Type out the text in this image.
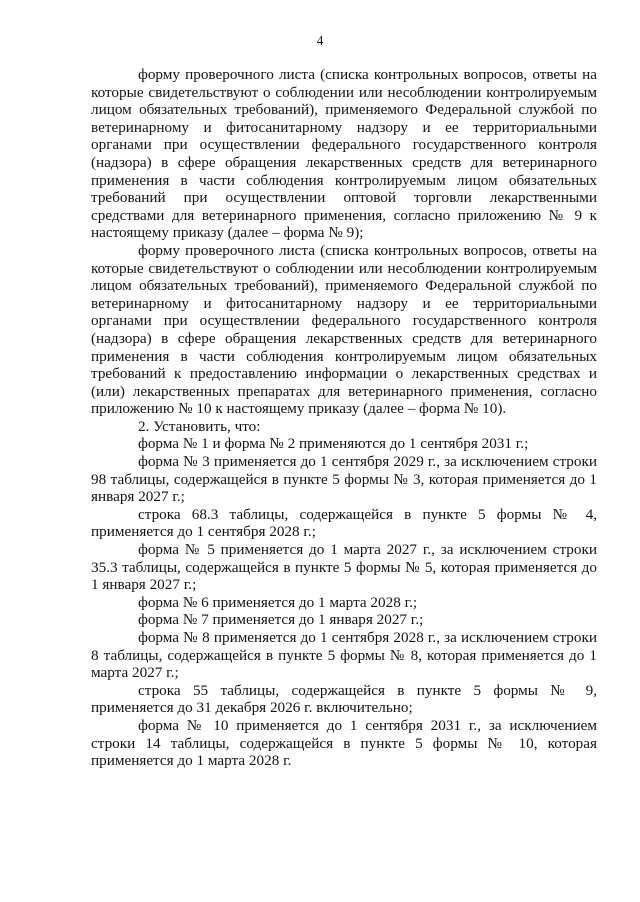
4

форму проверочного листа (списка контрольных вопросов, ответы на которые свидетельствуют о соблюдении или несоблюдении контролируемым лицом обязательных требований), применяемого Федеральной службой по ветеринарному и фитосанитарному надзору и ее территориальными органами при осуществлении федерального государственного контроля (надзора) в сфере обращения лекарственных средств для ветеринарного применения в части соблюдения контролируемым лицом обязательных требований при осуществлении оптовой торговли лекарственными средствами для ветеринарного применения, согласно приложению № 9 к настоящему приказу (далее – форма № 9);

форму проверочного листа (списка контрольных вопросов, ответы на которые свидетельствуют о соблюдении или несоблюдении контролируемым лицом обязательных требований), применяемого Федеральной службой по ветеринарному и фитосанитарному надзору и ее территориальными органами при осуществлении федерального государственного контроля (надзора) в сфере обращения лекарственных средств для ветеринарного применения в части соблюдения контролируемым лицом обязательных требований к предоставлению информации о лекарственных средствах и (или) лекарственных препаратах для ветеринарного применения, согласно приложению № 10 к настоящему приказу (далее – форма № 10).

2. Установить, что:

форма № 1 и форма № 2 применяются до 1 сентября 2031 г.;

форма № 3 применяется до 1 сентября 2029 г., за исключением строки 98 таблицы, содержащейся в пункте 5 формы № 3, которая применяется до 1 января 2027 г.;

строка 68.3 таблицы, содержащейся в пункте 5 формы № 4, применяется до 1 сентября 2028 г.;

форма № 5 применяется до 1 марта 2027 г., за исключением строки 35.3 таблицы, содержащейся в пункте 5 формы № 5, которая применяется до 1 января 2027 г.;

форма № 6 применяется до 1 марта 2028 г.;

форма № 7 применяется до 1 января 2027 г.;

форма № 8 применяется до 1 сентября 2028 г., за исключением строки 8 таблицы, содержащейся в пункте 5 формы № 8, которая применяется до 1 марта 2027 г.;

строка 55 таблицы, содержащейся в пункте 5 формы № 9, применяется до 31 декабря 2026 г. включительно;

форма № 10 применяется до 1 сентября 2031 г., за исключением строки 14 таблицы, содержащейся в пункте 5 формы № 10, которая применяется до 1 марта 2028 г.
